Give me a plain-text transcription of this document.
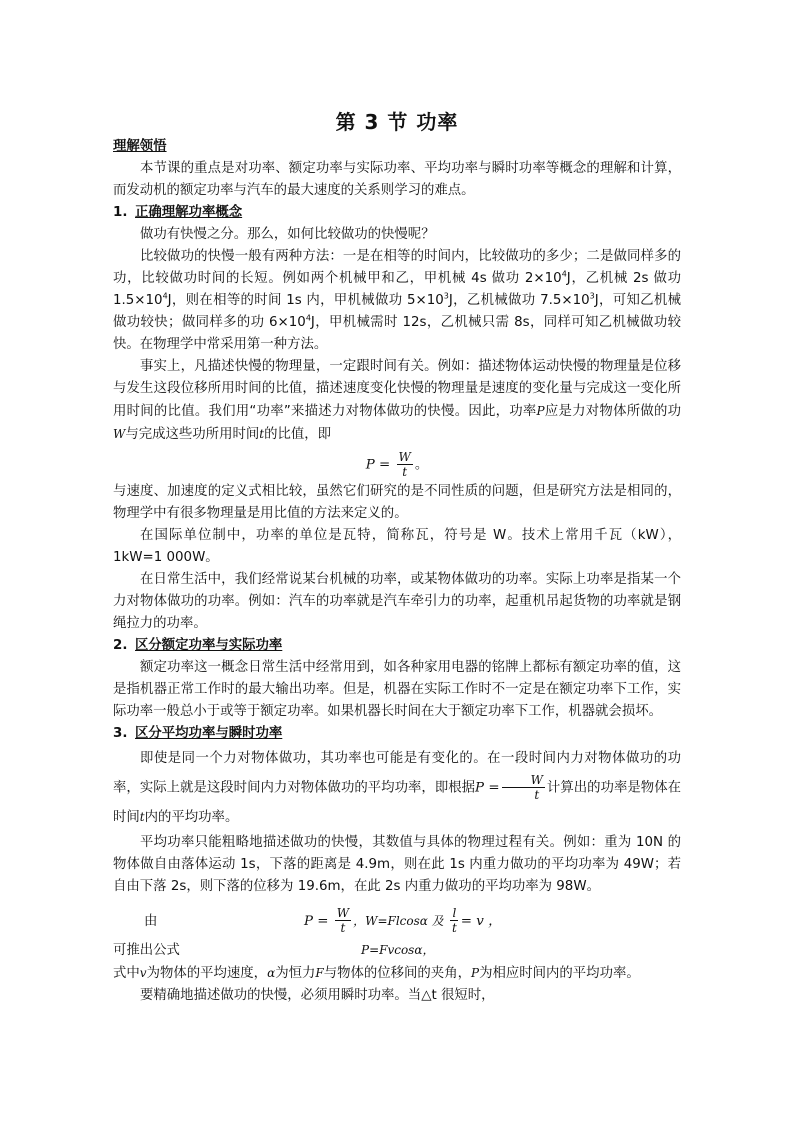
第 3 节 功率

理解领悟

本节课的重点是对功率、额定功率与实际功率、平均功率与瞬时功率等概念的理解和计算，而发动机的额定功率与汽车的最大速度的关系则学习的难点。

1. 正确理解功率概念

做功有快慢之分。那么，如何比较做功的快慢呢？

比较做功的快慢一般有两种方法：一是在相等的时间内，比较做功的多少；二是做同样多的功，比较做功时间的长短。例如两个机械甲和乙，甲机械 4s 做功 $2\times 10^4J$，乙机械 2s 做功 $1.5\times 10^4J$，则在相等的时间 1s 内，甲机械做功 $5\times 10^3J$，乙机械做功 $7.5\times 10^3J$，可知乙机械做功较快；做同样多的功 $6\times 10^4J$，甲机械需时 12s，乙机械只需 8s，同样可知乙机械做功较快。在物理学中常采用第一种方法。

事实上，凡描述快慢的物理量，一定跟时间有关。例如：描述物体运动快慢的物理量是位移与发生这段位移所用时间的比值，描述速度变化快慢的物理量是速度的变化量与完成这一变化所用时间的比值。我们用“功率”来描述力对物体做功的快慢。因此，功率P应是力对物体所做的功W与完成这些功所用时间t的比值，即

$P = \frac{W}{t}$ 。

与速度、加速度的定义式相比较，虽然它们研究的是不同性质的问题，但是研究方法是相同的，物理学中有很多物理量是用比值的方法来定义的。

在国际单位制中，功率的单位是瓦特，简称瓦，符号是 W。技术上常用千瓦（kW），1kW=1 000W。

在日常生活中，我们经常说某台机械的功率，或某物体做功的功率。实际上功率是指某一个力对物体做功的功率。例如：汽车的功率就是汽车牵引力的功率，起重机吊起货物的功率就是钢绳拉力的功率。

2. 区分额定功率与实际功率

额定功率这一概念日常生活中经常用到，如各种家用电器的铭牌上都标有额定功率的值，这是指机器正常工作时的最大输出功率。但是，机器在实际工作时不一定是在额定功率下工作，实际功率一般总小于或等于额定功率。如果机器长时间在大于额定功率下工作，机器就会损坏。

3. 区分平均功率与瞬时功率

即使是同一个力对物体做功，其功率也可能是有变化的。在一段时间内力对物体做功的功率，实际上就是这段时间内力对物体做功的平均功率，即根据$P = \frac{W}{t}$ 计算出的功率是物体在时间t内的平均功率。

平均功率只能粗略地描述做功的快慢，其数值与具体的物理过程有关。例如：重为 10N 的物体做自由落体运动 1s，下落的距离是 4.9m，则在此 1s 内重力做功的平均功率为 49W；若自由下落 2s，则下落的位移为 19.6m，在此 2s 内重力做功的平均功率为 98W。

由	$P = \frac{W}{t}$ ，W=Flcosα 及 $\frac{l}{t} = v$ ，
可推出公式	P=Fvcosα，

式中v为物体的平均速度，α为恒力F与物体的位移间的夹角，P为相应时间内的平均功率。

要精确地描述做功的快慢，必须用瞬时功率。当△t 很短时，
